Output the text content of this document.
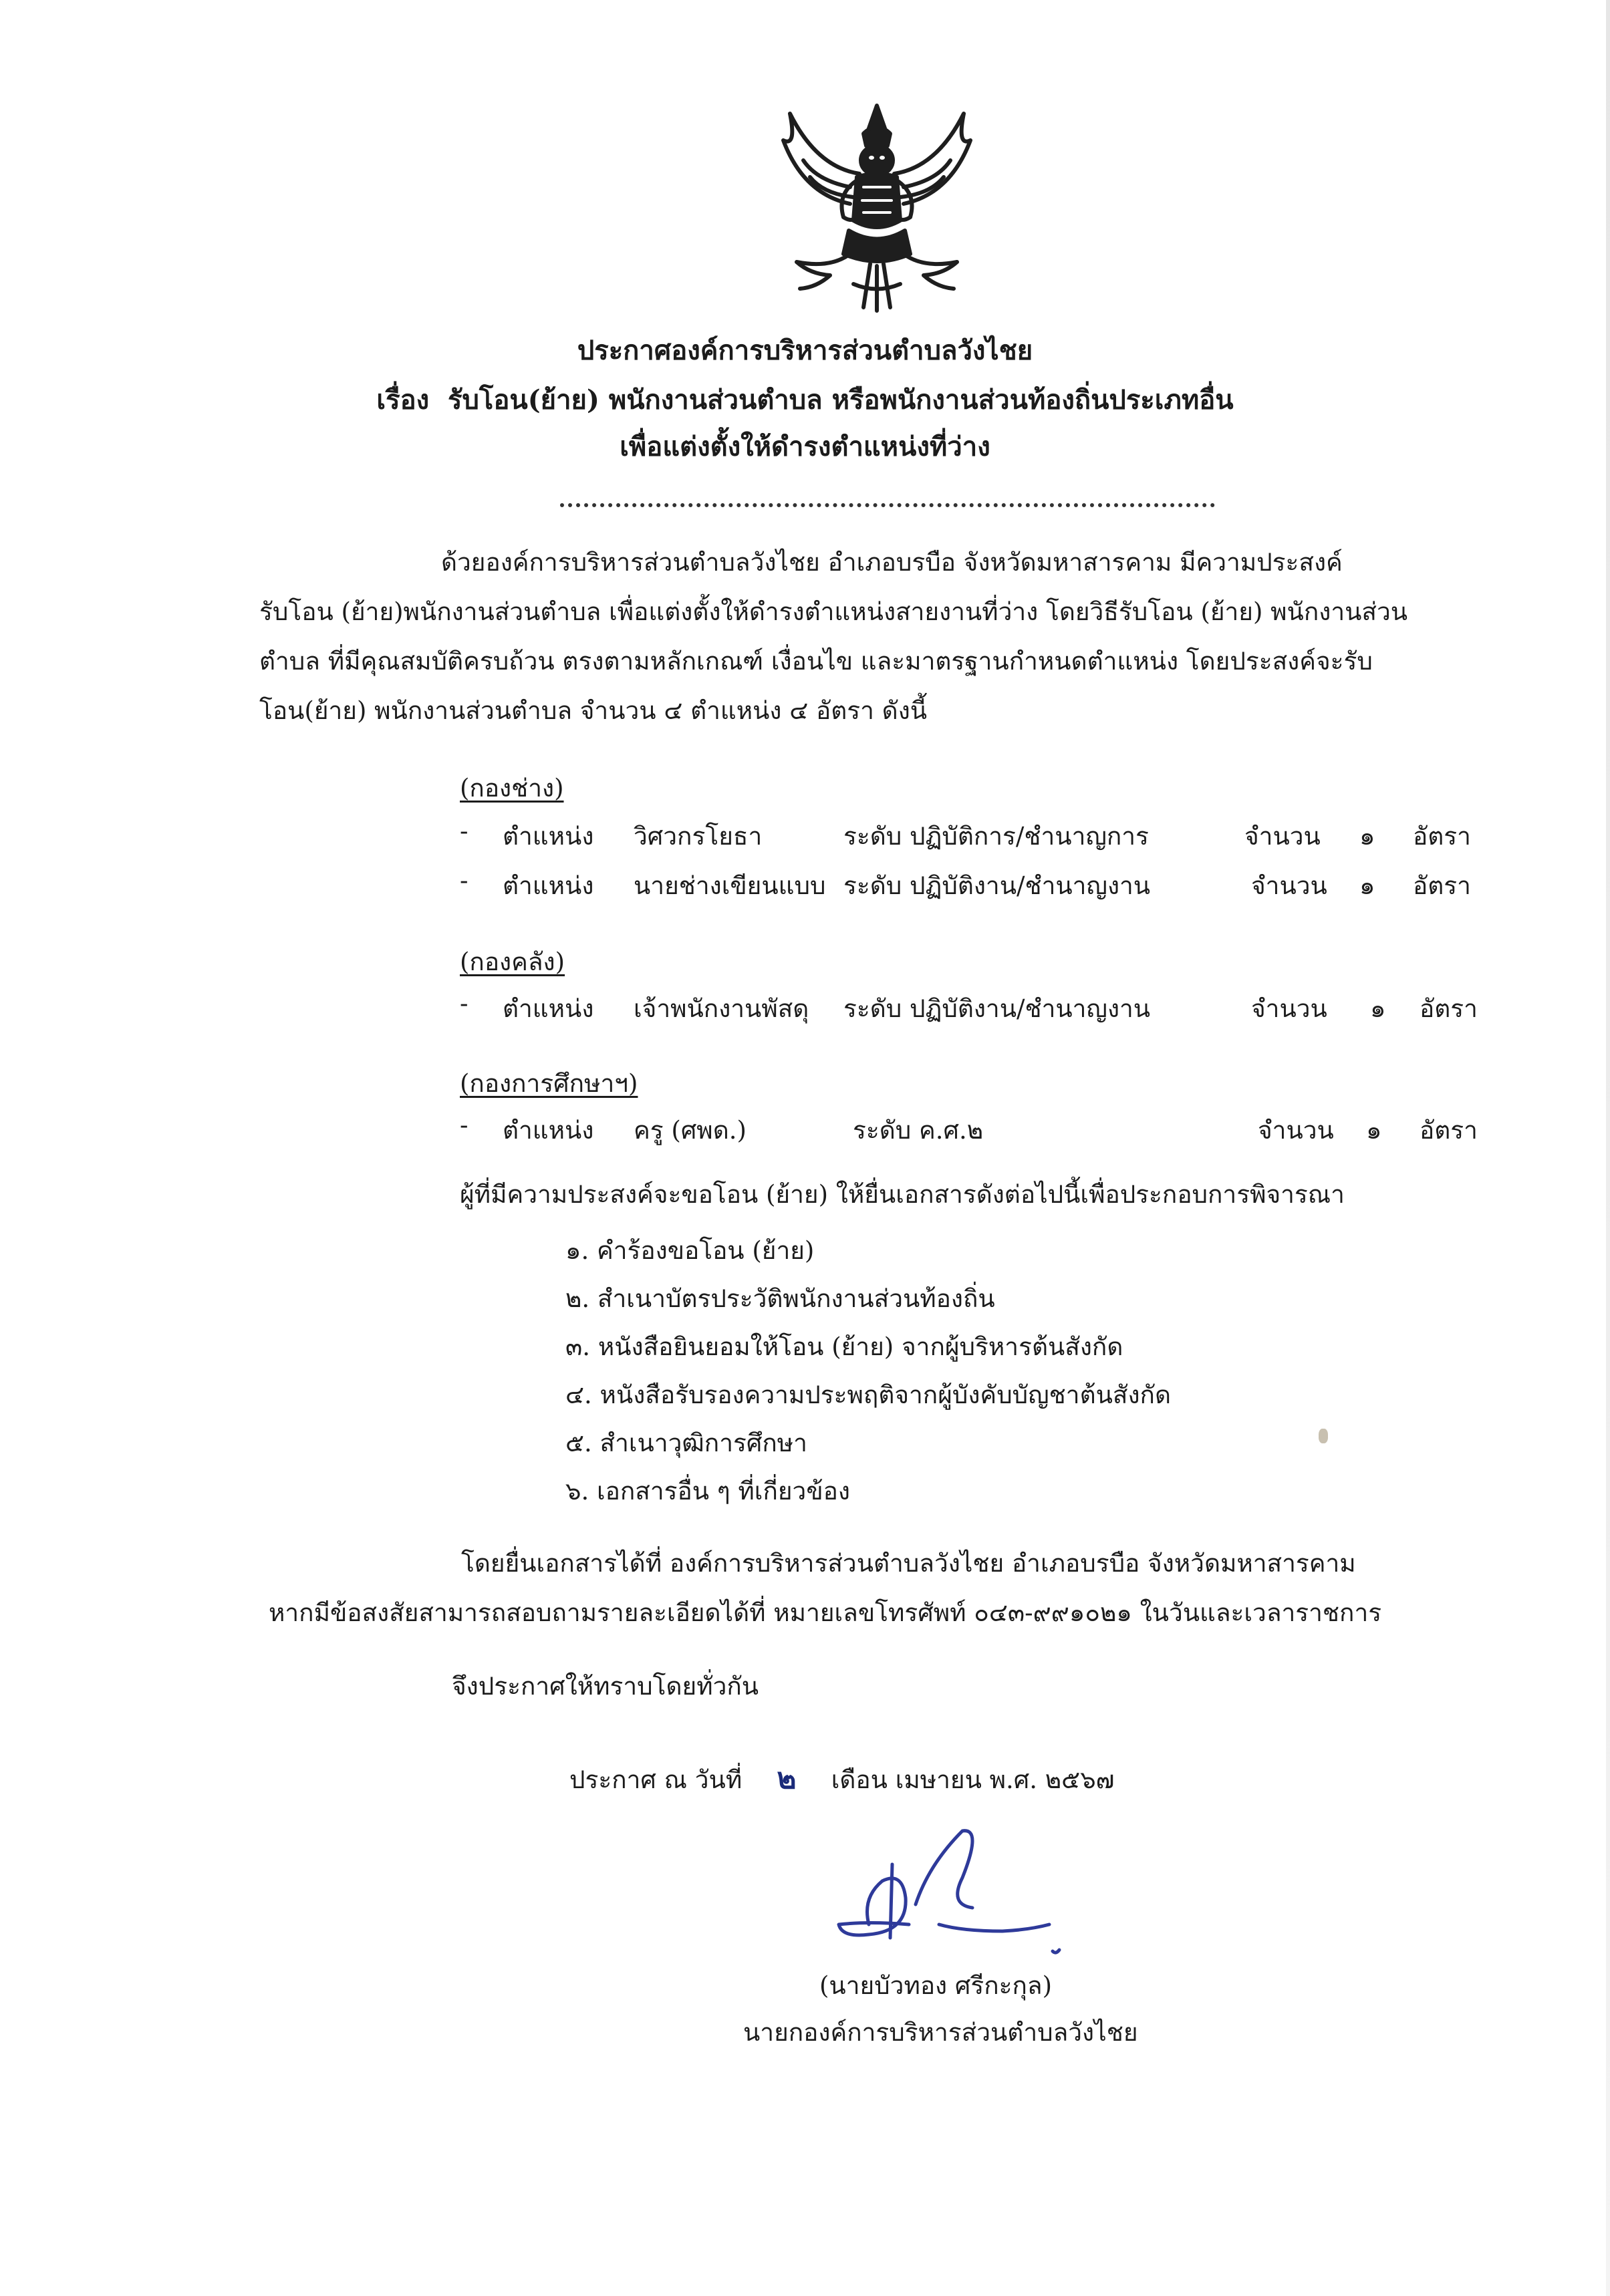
ประกาศองค์การบริหารส่วนตำบลวังไชย
เรื่อง รับโอน(ย้าย) พนักงานส่วนตำบล หรือพนักงานส่วนท้องถิ่นประเภทอื่น
เพื่อแต่งตั้งให้ดำรงตำแหน่งที่ว่าง
ด้วยองค์การบริหารส่วนตำบลวังไชย อำเภอบรบือ จังหวัดมหาสารคาม มีความประสงค์
รับโอน (ย้าย)พนักงานส่วนตำบล เพื่อแต่งตั้งให้ดำรงตำแหน่งสายงานที่ว่าง โดยวิธีรับโอน (ย้าย) พนักงานส่วน
ตำบล ที่มีคุณสมบัติครบถ้วน ตรงตามหลักเกณฑ์ เงื่อนไข และมาตรฐานกำหนดตำแหน่ง โดยประสงค์จะรับ
โอน(ย้าย) พนักงานส่วนตำบล จำนวน ๔ ตำแหน่ง ๔ อัตรา ดังนี้
(กองช่าง)
- ตำแหน่ง วิศวกรโยธา	ระดับ ปฏิบัติการ/ชำนาญการ	จำนวน ๑ อัตรา
- ตำแหน่ง นายช่างเขียนแบบ ระดับ ปฏิบัติงาน/ชำนาญงาน	จำนวน ๑ อัตรา
(กองคลัง)
- ตำแหน่ง เจ้าพนักงานพัสดุ ระดับ ปฏิบัติงาน/ชำนาญงาน	จำนวน ๑ อัตรา
(กองการศึกษาฯ)
- ตำแหน่ง ครู (ศพด.)	ระดับ ค.ศ.๒	จำนวน ๑ อัตรา
ผู้ที่มีความประสงค์จะขอโอน (ย้าย) ให้ยื่นเอกสารดังต่อไปนี้เพื่อประกอบการพิจารณา
๑. คำร้องขอโอน (ย้าย)
๒. สำเนาบัตรประวัติพนักงานส่วนท้องถิ่น
๓. หนังสือยินยอมให้โอน (ย้าย) จากผู้บริหารต้นสังกัด
๔. หนังสือรับรองความประพฤติจากผู้บังคับบัญชาต้นสังกัด
๕. สำเนาวุฒิการศึกษา
๖. เอกสารอื่น ๆ ที่เกี่ยวข้อง
โดยยื่นเอกสารได้ที่ องค์การบริหารส่วนตำบลวังไชย อำเภอบรบือ จังหวัดมหาสารคาม
หากมีข้อสงสัยสามารถสอบถามรายละเอียดได้ที่ หมายเลขโทรศัพท์ ๐๔๓-๙๙๑๐๒๑ ในวันและเวลาราชการ
จึงประกาศให้ทราบโดยทั่วกัน
ประกาศ ณ วันที่ ๒ เดือน เมษายน พ.ศ. ๒๕๖๗
(นายบัวทอง ศรีกะกุล)
นายกองค์การบริหารส่วนตำบลวังไชย
